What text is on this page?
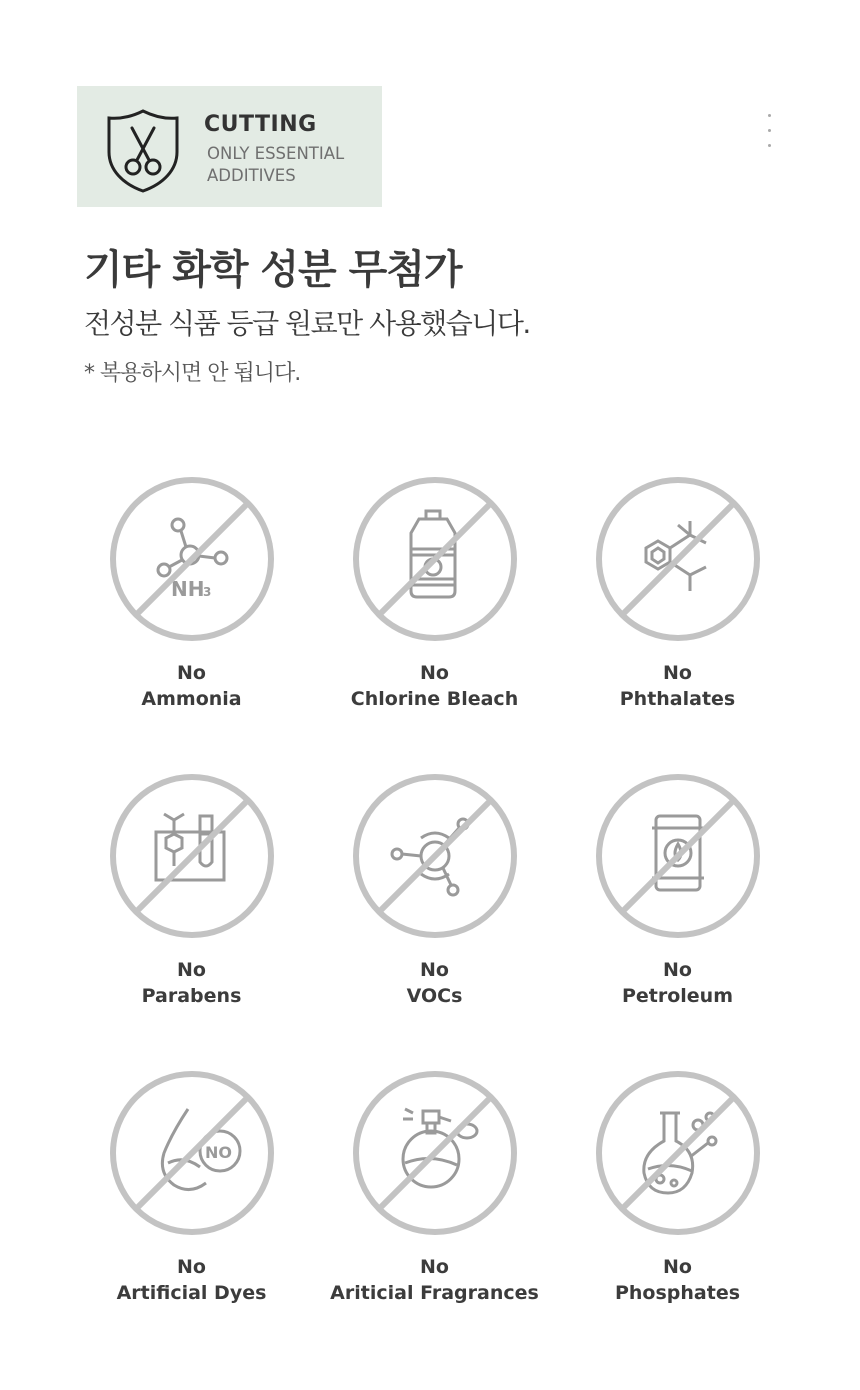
CUTTING
ONLY ESSENTIAL ADDITIVES
기타 화학 성분 무첨가
전성분 식품 등급 원료만 사용했습니다.
* 복용하시면 안 됩니다.
NH
3
No
Ammonia
No
Chlorine Bleach
No
Phthalates
No
Parabens
No
VOCs
No
Petroleum
NO
No
Artificial Dyes
No
Ariticial Fragrances
No
Phosphates
